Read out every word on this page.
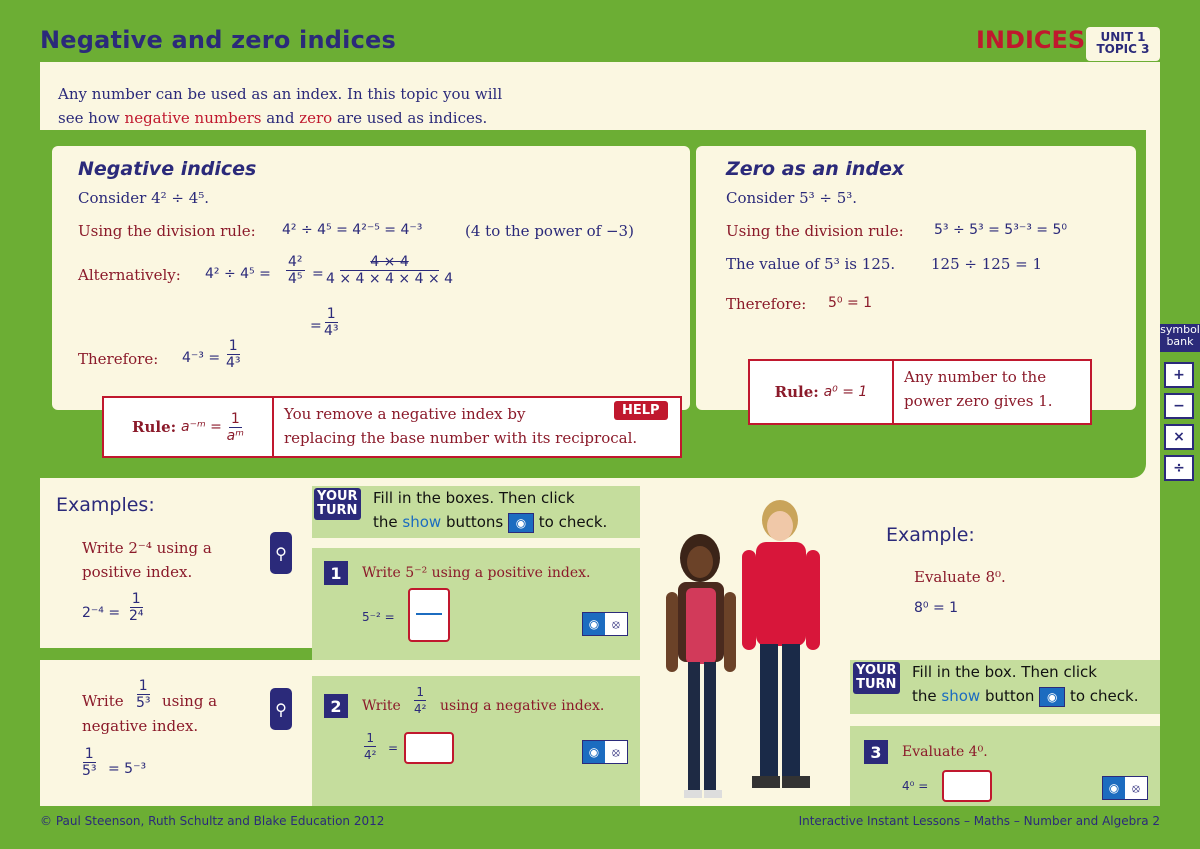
Negative and zero indices	INDICES	UNIT 1
TOPIC 3
Any number can be used as an index. In this topic you will
see how negative numbers and zero are used as indices.
Negative indices
Consider 4² ÷ 4⁵.
Using the division rule: 4² ÷ 4⁵ = 4²⁻⁵ = 4⁻³	(4 to the power of −3)
Alternatively: $4^2 \div 4^5 = \frac{\text{4²}}{\text{4⁵}} = \frac{4 \times 4}{4 \times 4 \times 4 \times 4 \times 4}$
= $\frac{1}{\text{4³}}$
Therefore: $4^{-3} = \frac{1}{\text{4³}}$
Rule:
a⁻ᵐ =
$\frac{1}{\text{aᵐ}}$	You remove a negative index by
replacing the base number with its reciprocal.
HELP
Zero as an index
Consider 5³ ÷ 5³.
Using the division rule: 5³ ÷ 5³ = 5³⁻³ = 5⁰
The value of 5³ is 125. 125 ÷ 125 = 1
Therefore: 5⁰ = 1
Rule:
a⁰ = 1
Any number to the
power zero gives 1.
symbol
bank
+
−
×
÷
Examples:
Write 2⁻⁴ using a
positive index.
⚲
$2^{-4} = \frac{1}{\text{2⁴}}$
Write $\frac{1}{\text{5³}}$ using a
negative index.
⚲
$\frac{1}{\text{5³}} = 5^{-3}$
YOUR
TURN
Fill in the boxes. Then click
the show buttons	◉ to check.
1	Write 5⁻² using a positive index.
5⁻² =	◉	⦻
2	Write $\frac{1}{\text{4²}}$ using a negative index.
$\frac{1}{\text{4²}}$ =	◉	⦻
Example:
Evaluate 8⁰.
8⁰ = 1
YOUR
TURN
Fill in the box. Then click
the show button	◉ to check.
3	Evaluate 4⁰.
4⁰ =	◉	⦻
© Paul Steenson, Ruth Schultz and Blake Education 2012	Interactive Instant Lessons – Maths – Number and Algebra 2
